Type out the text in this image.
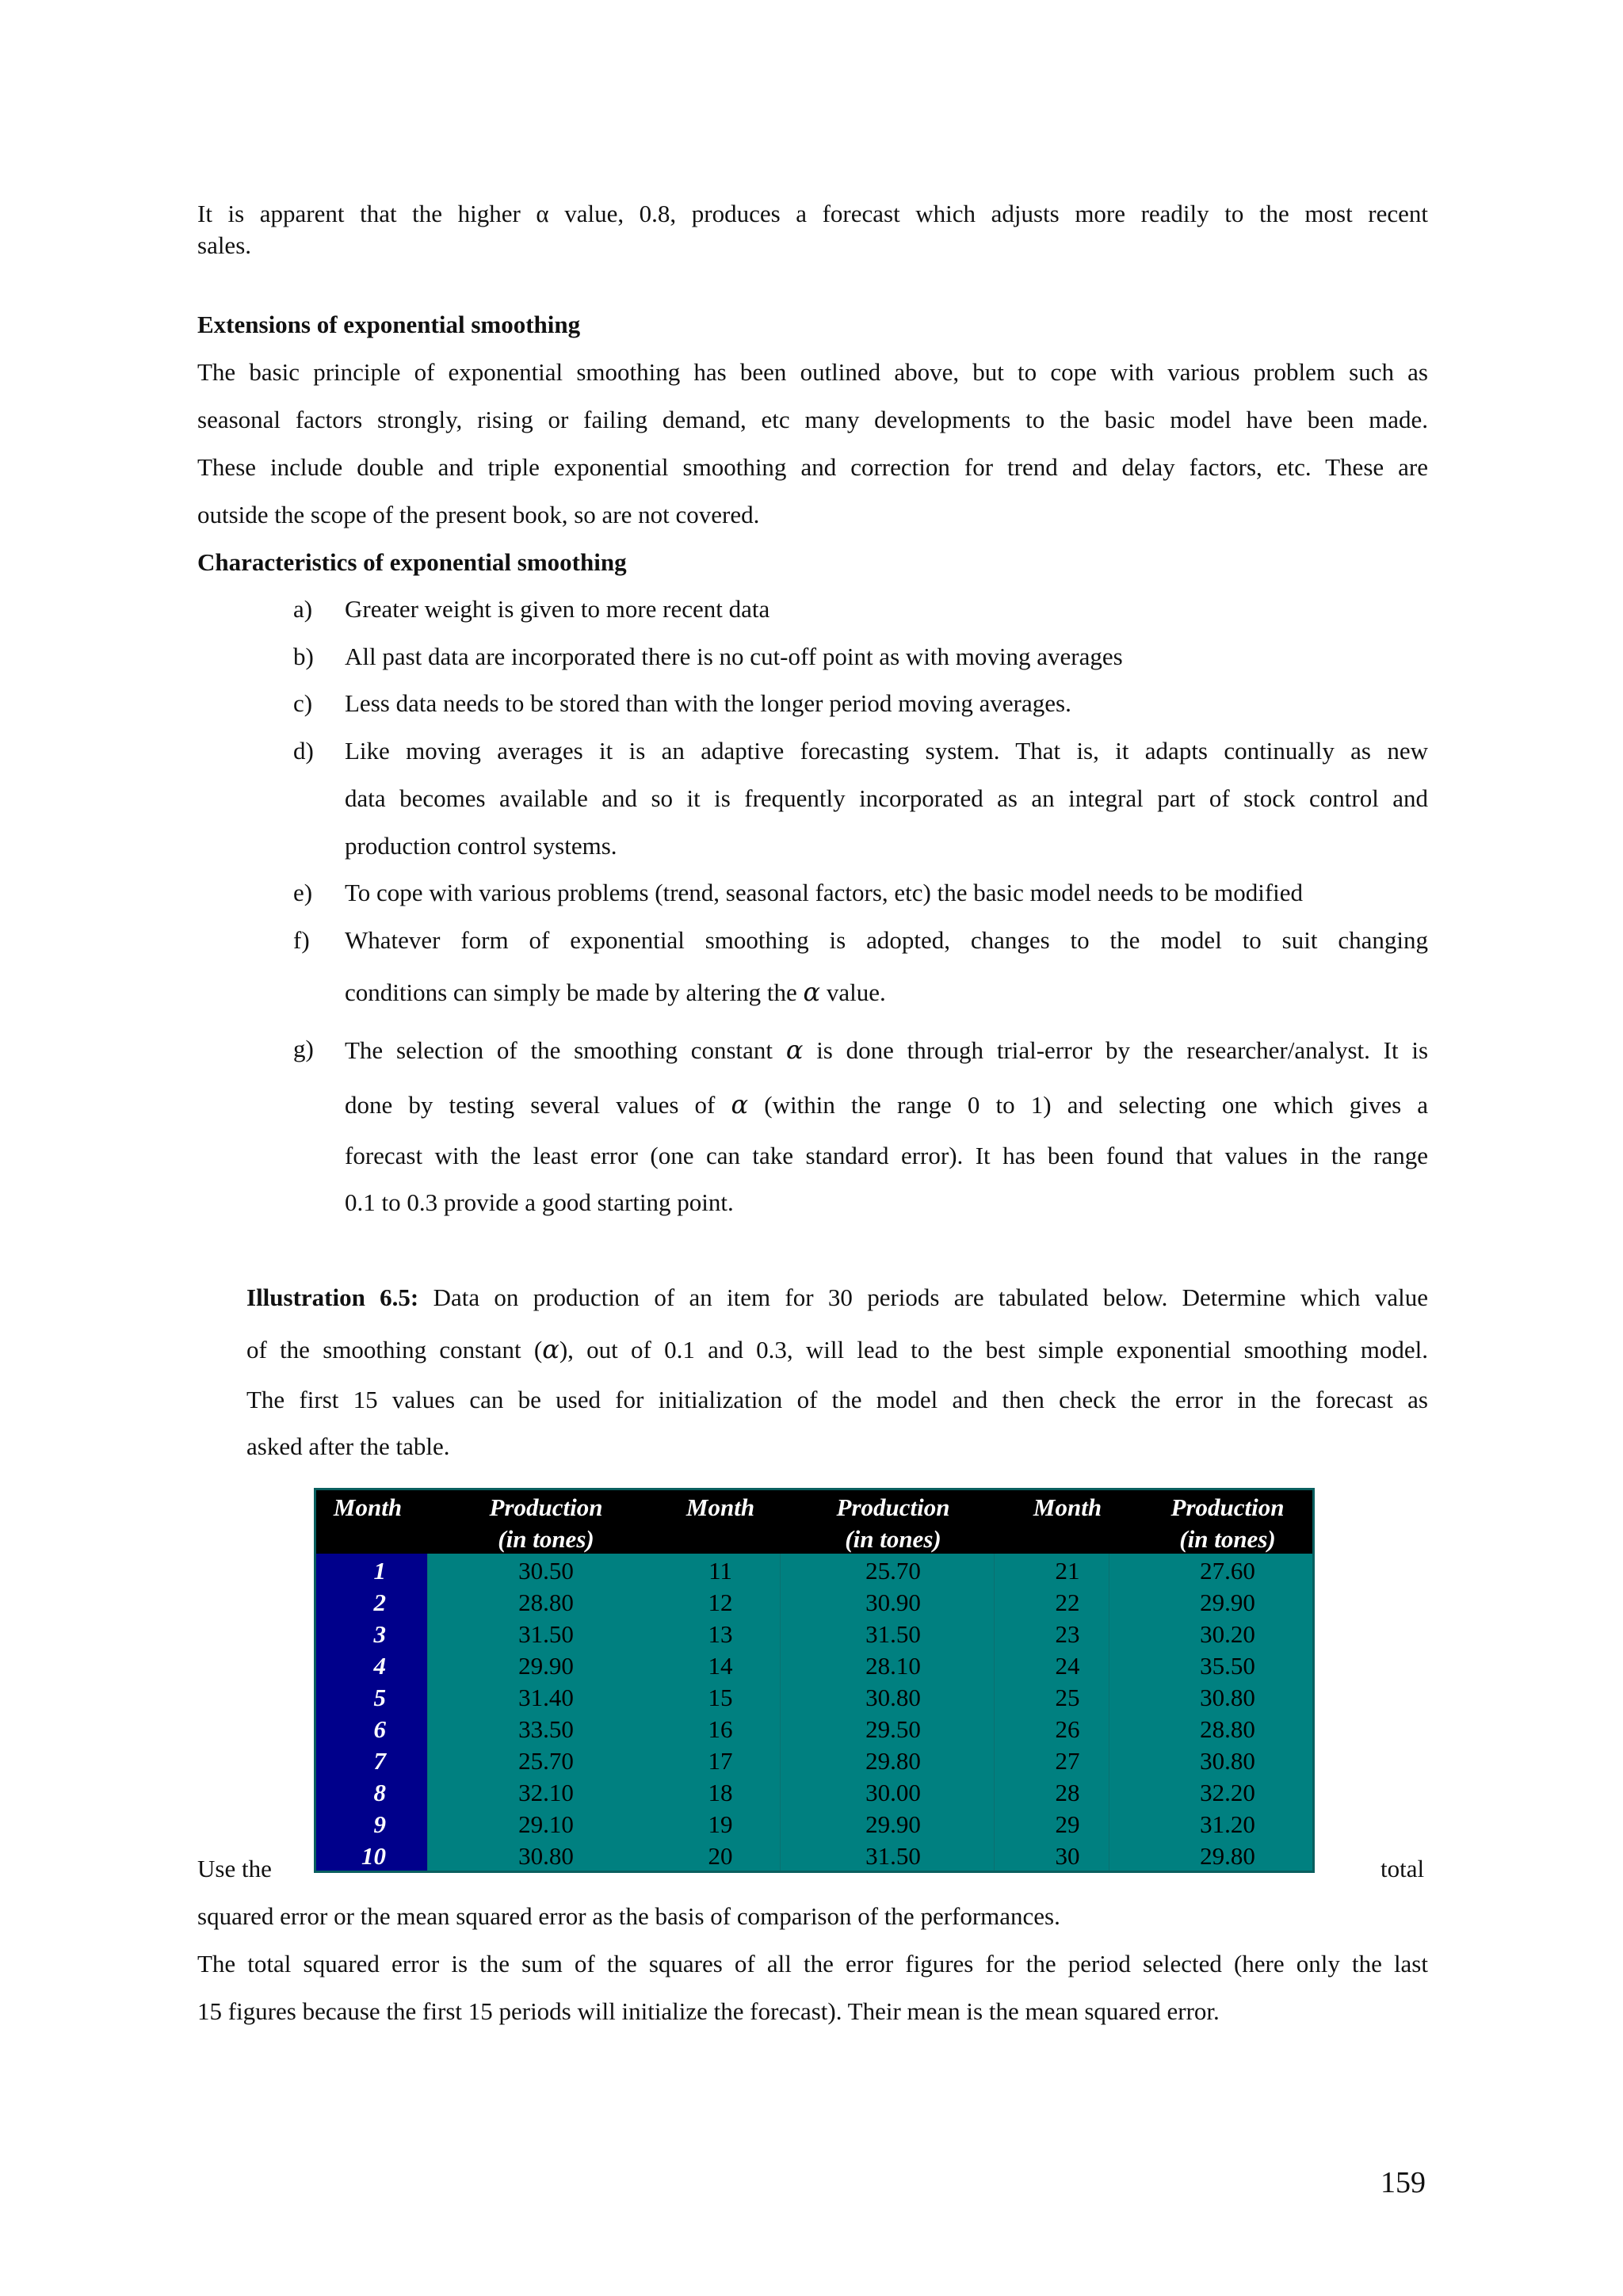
It is apparent that the higher α value, 0.8, produces a forecast which adjusts more readily to the most recent
sales.
Extensions of exponential smoothing
The basic principle of exponential smoothing has been outlined above, but to cope with various problem such as
seasonal factors strongly, rising or failing demand, etc many developments to the basic model have been made.
These include double and triple exponential smoothing and correction for trend and delay factors, etc. These are
outside the scope of the present book, so are not covered.
Characteristics of exponential smoothing
a) Greater weight is given to more recent data
b) All past data are incorporated there is no cut-off point as with moving averages
c) Less data needs to be stored than with the longer period moving averages.
d) Like moving averages it is an adaptive forecasting system. That is, it adapts continually as new
data becomes available and so it is frequently incorporated as an integral part of stock control and
production control systems.
e) To cope with various problems (trend, seasonal factors, etc) the basic model needs to be modified
f) Whatever form of exponential smoothing is adopted, changes to the model to suit changing
conditions can simply be made by altering the α value.
g) The selection of the smoothing constant α is done through trial-error by the researcher/analyst. It is
done by testing several values of α (within the range 0 to 1) and selecting one which gives a
forecast with the least error (one can take standard error). It has been found that values in the range
0.1 to 0.3 provide a good starting point.
Illustration 6.5: Data on production of an item for 30 periods are tabulated below. Determine which value
of the smoothing constant (α), out of 0.1 and 0.3, will lead to the best simple exponential smoothing model.
The first 15 values can be used for initialization of the model and then check the error in the forecast as
asked after the table.
Month	Production
(in tones)
Month	Production
(in tones)
Month	Production
(in tones)
1	30.50	11	25.70	21	27.60
2	28.80	12	30.90	22	29.90
3	31.50	13	31.50	23	30.20
4	29.90	14	28.10	24	35.50
5	31.40	15	30.80	25	30.80
6	33.50	16	29.50	26	28.80
7	25.70	17	29.80	27	30.80
8	32.10	18	30.00	28	32.20
9	29.10	19	29.90	29	31.20
10	30.80	20	31.50	30	29.80
Use the	total
squared error or the mean squared error as the basis of comparison of the performances.
The total squared error is the sum of the squares of all the error figures for the period selected (here only the last
15 figures because the first 15 periods will initialize the forecast). Their mean is the mean squared error.
159
